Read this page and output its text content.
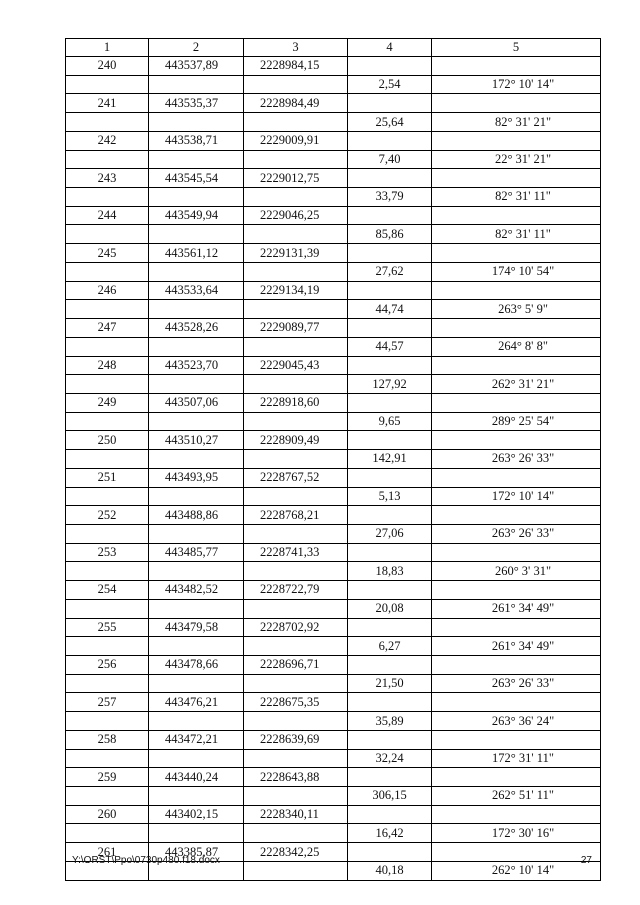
1	2	3	4	5
240	443537,89	2228984,15		
			2,54	172° 10' 14"
241	443535,37	2228984,49		
			25,64	82° 31' 21"
242	443538,71	2229009,91		
			7,40	22° 31' 21"
243	443545,54	2229012,75		
			33,79	82° 31' 11"
244	443549,94	2229046,25		
			85,86	82° 31' 11"
245	443561,12	2229131,39		
			27,62	174° 10' 54"
246	443533,64	2229134,19		
			44,74	263° 5' 9"
247	443528,26	2229089,77		
			44,57	264° 8' 8"
248	443523,70	2229045,43		
			127,92	262° 31' 21"
249	443507,06	2228918,60		
			9,65	289° 25' 54"
250	443510,27	2228909,49		
			142,91	263° 26' 33"
251	443493,95	2228767,52		
			5,13	172° 10' 14"
252	443488,86	2228768,21		
			27,06	263° 26' 33"
253	443485,77	2228741,33		
			18,83	260° 3' 31"
254	443482,52	2228722,79		
			20,08	261° 34' 49"
255	443479,58	2228702,92		
			6,27	261° 34' 49"
256	443478,66	2228696,71		
			21,50	263° 26' 33"
257	443476,21	2228675,35		
			35,89	263° 36' 24"
258	443472,21	2228639,69		
			32,24	172° 31' 11"
259	443440,24	2228643,88		
			306,15	262° 51' 11"
260	443402,15	2228340,11		
			16,42	172° 30' 16"
261	443385,87	2228342,25		
			40,18	262° 10' 14"
Y:\ORST\Ppo\0730p480.f18.docx	27
